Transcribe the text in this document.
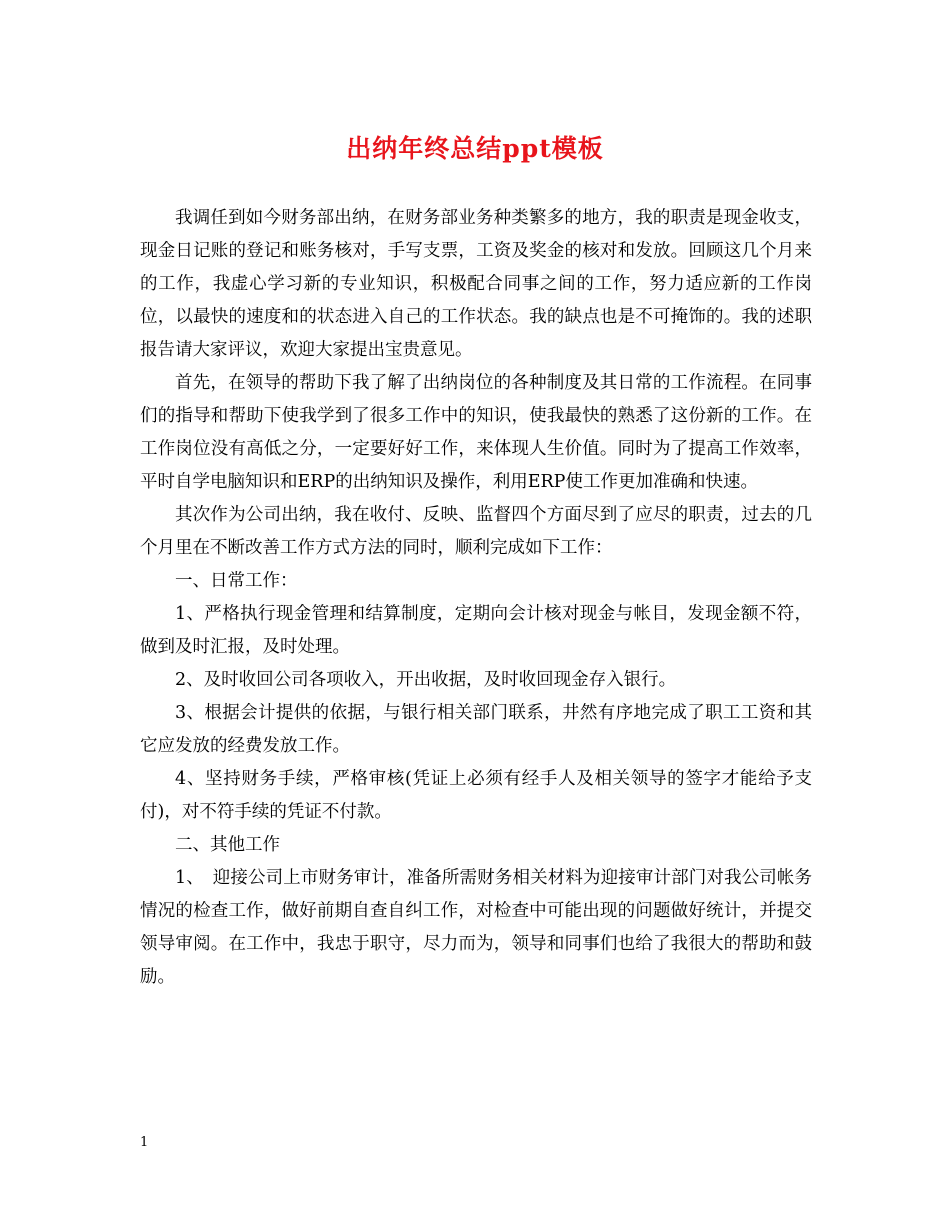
出纳年终总结ppt模板

我调任到如今财务部出纳，在财务部业务种类繁多的地方，我的职责是现金收支，现金日记账的登记和账务核对，手写支票，工资及奖金的核对和发放。回顾这几个月来的工作，我虚心学习新的专业知识，积极配合同事之间的工作，努力适应新的工作岗位，以最快的速度和的状态进入自己的工作状态。我的缺点也是不可掩饰的。我的述职报告请大家评议，欢迎大家提出宝贵意见。

首先，在领导的帮助下我了解了出纳岗位的各种制度及其日常的工作流程。在同事们的指导和帮助下使我学到了很多工作中的知识，使我最快的熟悉了这份新的工作。在工作岗位没有高低之分，一定要好好工作，来体现人生价值。同时为了提高工作效率，平时自学电脑知识和ERP的出纳知识及操作，利用ERP使工作更加准确和快速。

其次作为公司出纳，我在收付、反映、监督四个方面尽到了应尽的职责，过去的几个月里在不断改善工作方式方法的同时，顺利完成如下工作：

一、日常工作：

1、严格执行现金管理和结算制度，定期向会计核对现金与帐目，发现金额不符，做到及时汇报，及时处理。

2、及时收回公司各项收入，开出收据，及时收回现金存入银行。

3、根据会计提供的依据，与银行相关部门联系，井然有序地完成了职工工资和其它应发放的经费发放工作。

4、坚持财务手续，严格审核(凭证上必须有经手人及相关领导的签字才能给予支付)，对不符手续的凭证不付款。

二、其他工作

1、　迎接公司上市财务审计，准备所需财务相关材料为迎接审计部门对我公司帐务情况的检查工作，做好前期自查自纠工作，对检查中可能出现的问题做好统计，并提交领导审阅。在工作中，我忠于职守，尽力而为，领导和同事们也给了我很大的帮助和鼓励。

1
